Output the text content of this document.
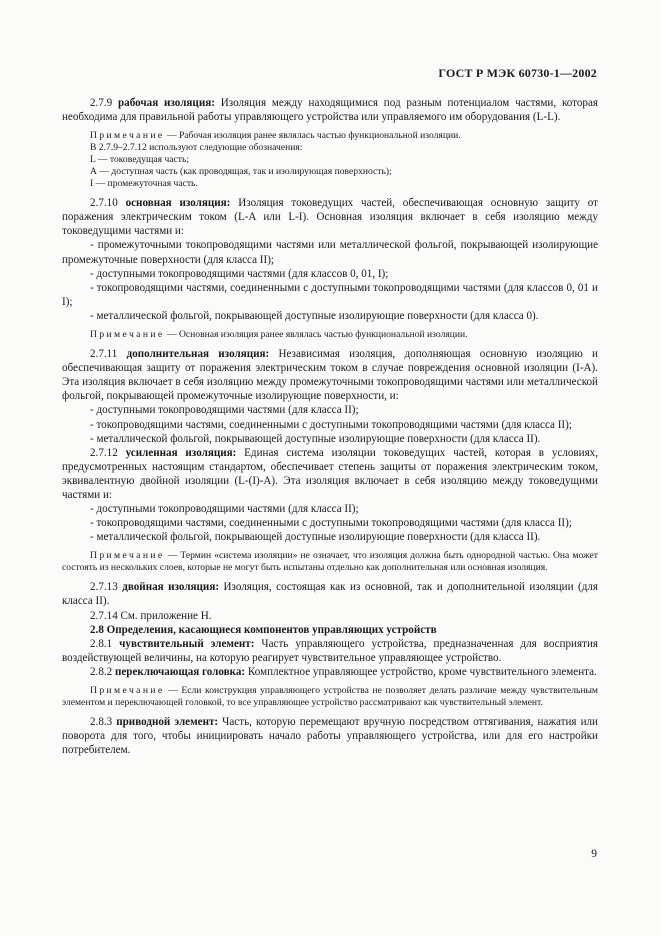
ГОСТ Р МЭК 60730-1—2002

2.7.9 рабочая изоляция: Изоляция между находящимися под разным потенциалом частями, которая необходима для правильной работы управляющего устройства или управляемого им оборудования (L-L).

Примечание — Рабочая изоляция ранее являлась частью функциональной изоляции.

В 2.7.9–2.7.12 используют следующие обозначения:

L — токоведущая часть;

А — доступная часть (как проводящая, так и изолирующая поверхность);

I — промежуточная часть.

2.7.10 основная изоляция: Изоляция токоведущих частей, обеспечивающая основную защиту от поражения электрическим током (L-A или L-I). Основная изоляция включает в себя изоляцию между токоведущими частями и:

- промежуточными токопроводящими частями или металлической фольгой, покрывающей изолирующие промежуточные поверхности (для класса II);

- доступными токопроводящими частями (для классов 0, 01, I);

- токопроводящими частями, соединенными с доступными токопроводящими частями (для классов 0, 01 и I);

- металлической фольгой, покрывающей доступные изолирующие поверхности (для класса 0).

Примечание — Основная изоляция ранее являлась частью функциональной изоляции.

2.7.11 дополнительная изоляция: Независимая изоляция, дополняющая основную изоляцию и обеспечивающая защиту от поражения электрическим током в случае повреждения основной изоляции (I-A). Эта изоляция включает в себя изоляцию между промежуточными токопроводящими частями или металлической фольгой, покрывающей промежуточные изолирующие поверхности, и:

- доступными токопроводящими частями (для класса II);

- токопроводящими частями, соединенными с доступными токопроводящими частями (для класса II);

- металлической фольгой, покрывающей доступные изолирующие поверхности (для класса II).

2.7.12 усиленная изоляция: Единая система изоляции токоведущих частей, которая в условиях, предусмотренных настоящим стандартом, обеспечивает степень защиты от поражения электрическим током, эквивалентную двойной изоляции (L-(I)-A). Эта изоляция включает в себя изоляцию между токоведущими частями и:

- доступными токопроводящими частями (для класса II);

- токопроводящими частями, соединенными с доступными токопроводящими частями (для класса II);

- металлической фольгой, покрывающей доступные изолирующие поверхности (для класса II).

Примечание — Термин «система изоляции» не означает, что изоляция должна быть однородной частью. Она может состоять из нескольких слоев, которые не могут быть испытаны отдельно как дополнительная или основная изоляция.

2.7.13 двойная изоляция: Изоляция, состоящая как из основной, так и дополнительной изоляции (для класса II).

2.7.14 См. приложение Н.

2.8 Определения, касающиеся компонентов управляющих устройств

2.8.1 чувствительный элемент: Часть управляющего устройства, предназначенная для восприятия воздействующей величины, на которую реагирует чувствительное управляющее устройство.

2.8.2 переключающая головка: Комплектное управляющее устройство, кроме чувствительного элемента.

Примечание — Если конструкция управляющего устройства не позволяет делать различие между чувствительным элементом и переключающей головкой, то все управляющее устройство рассматривают как чувствительный элемент.

2.8.3 приводной элемент: Часть, которую перемещают вручную посредством оттягивания, нажатия или поворота для того, чтобы инициировать начало работы управляющего устройства, или для его настройки потребителем.

9
